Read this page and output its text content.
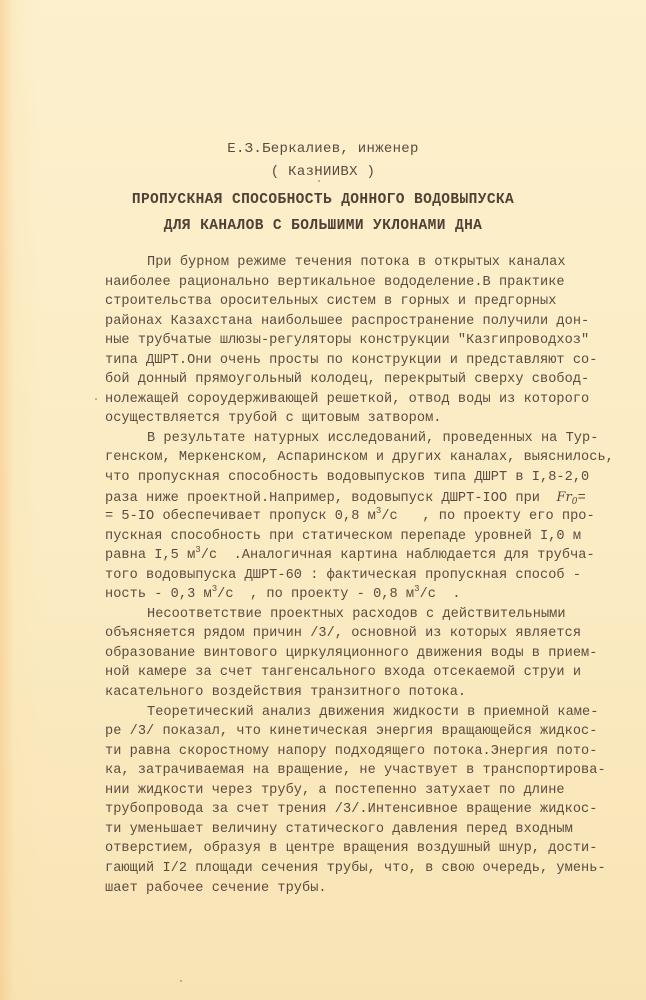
Е.З.Беркалиев, инженер
( КазНИИВХ )
ПРОПУСКНАЯ СПОСОБНОСТЬ ДОННОГО ВОДОВЫПУСКА
ДЛЯ КАНАЛОВ С БОЛЬШИМИ УКЛОНАМИ ДНА
При бурном режиме течения потока в открытых каналах
наиболее рационально вертикальное вододеление.В практике
строительства оросительных систем в горных и предгорных
районах Казахстана наибольшее распространение получили дон-
ные трубчатые шлюзы-регуляторы конструкции "Казгипроводхоз"
типа ДШРТ.Они очень просты по конструкции и представляют со-
бой донный прямоугольный колодец, перекрытый сверху свобод-
нолежащей сороудерживающей решеткой, отвод воды из которого
осуществляется трубой с щитовым затвором.
В результате натурных исследований, проведенных на Тур-
генском, Меркенском, Аспаринском и других каналах, выяснилось,
что пропускная способность водовыпусков типа ДШРТ в I,8-2,0
раза ниже проектной.Например, водовыпуск ДШРТ-IOO при $Fr_0=$
= 5-IO обеспечивает пропуск 0,8 $м^3/с$   , по проекту его про-
пускная способность при статическом перепаде уровней I,0 м
равна I,5 $м^3/с$  .Аналогичная картина наблюдается для трубча-
того водовыпуска ДШРТ-60 : фактическая пропускная способ -
ность - 0,3 $м^3/с$  , по проекту - 0,8 $м^3/с$  .
Несоответствие проектных расходов с действительными
объясняется рядом причин /3/, основной из которых является
образование винтового циркуляционного движения воды в прием-
ной камере за счет тангенсального входа отсекаемой струи и
касательного воздействия транзитного потока.
Теоретический анализ движения жидкости в приемной каме-
ре /3/ показал, что кинетическая энергия вращающейся жидкос-
ти равна скоростному напору подходящего потока.Энергия пото-
ка, затрачиваемая на вращение, не участвует в транспортирова-
нии жидкости через трубу, а постепенно затухает по длине
трубопровода за счет трения /3/.Интенсивное вращение жидкос-
ти уменьшает величину статического давления перед входным
отверстием, образуя в центре вращения воздушный шнур, дости-
гающий I/2 площади сечения трубы, что, в свою очередь, умень-
шает рабочее сечение трубы.
